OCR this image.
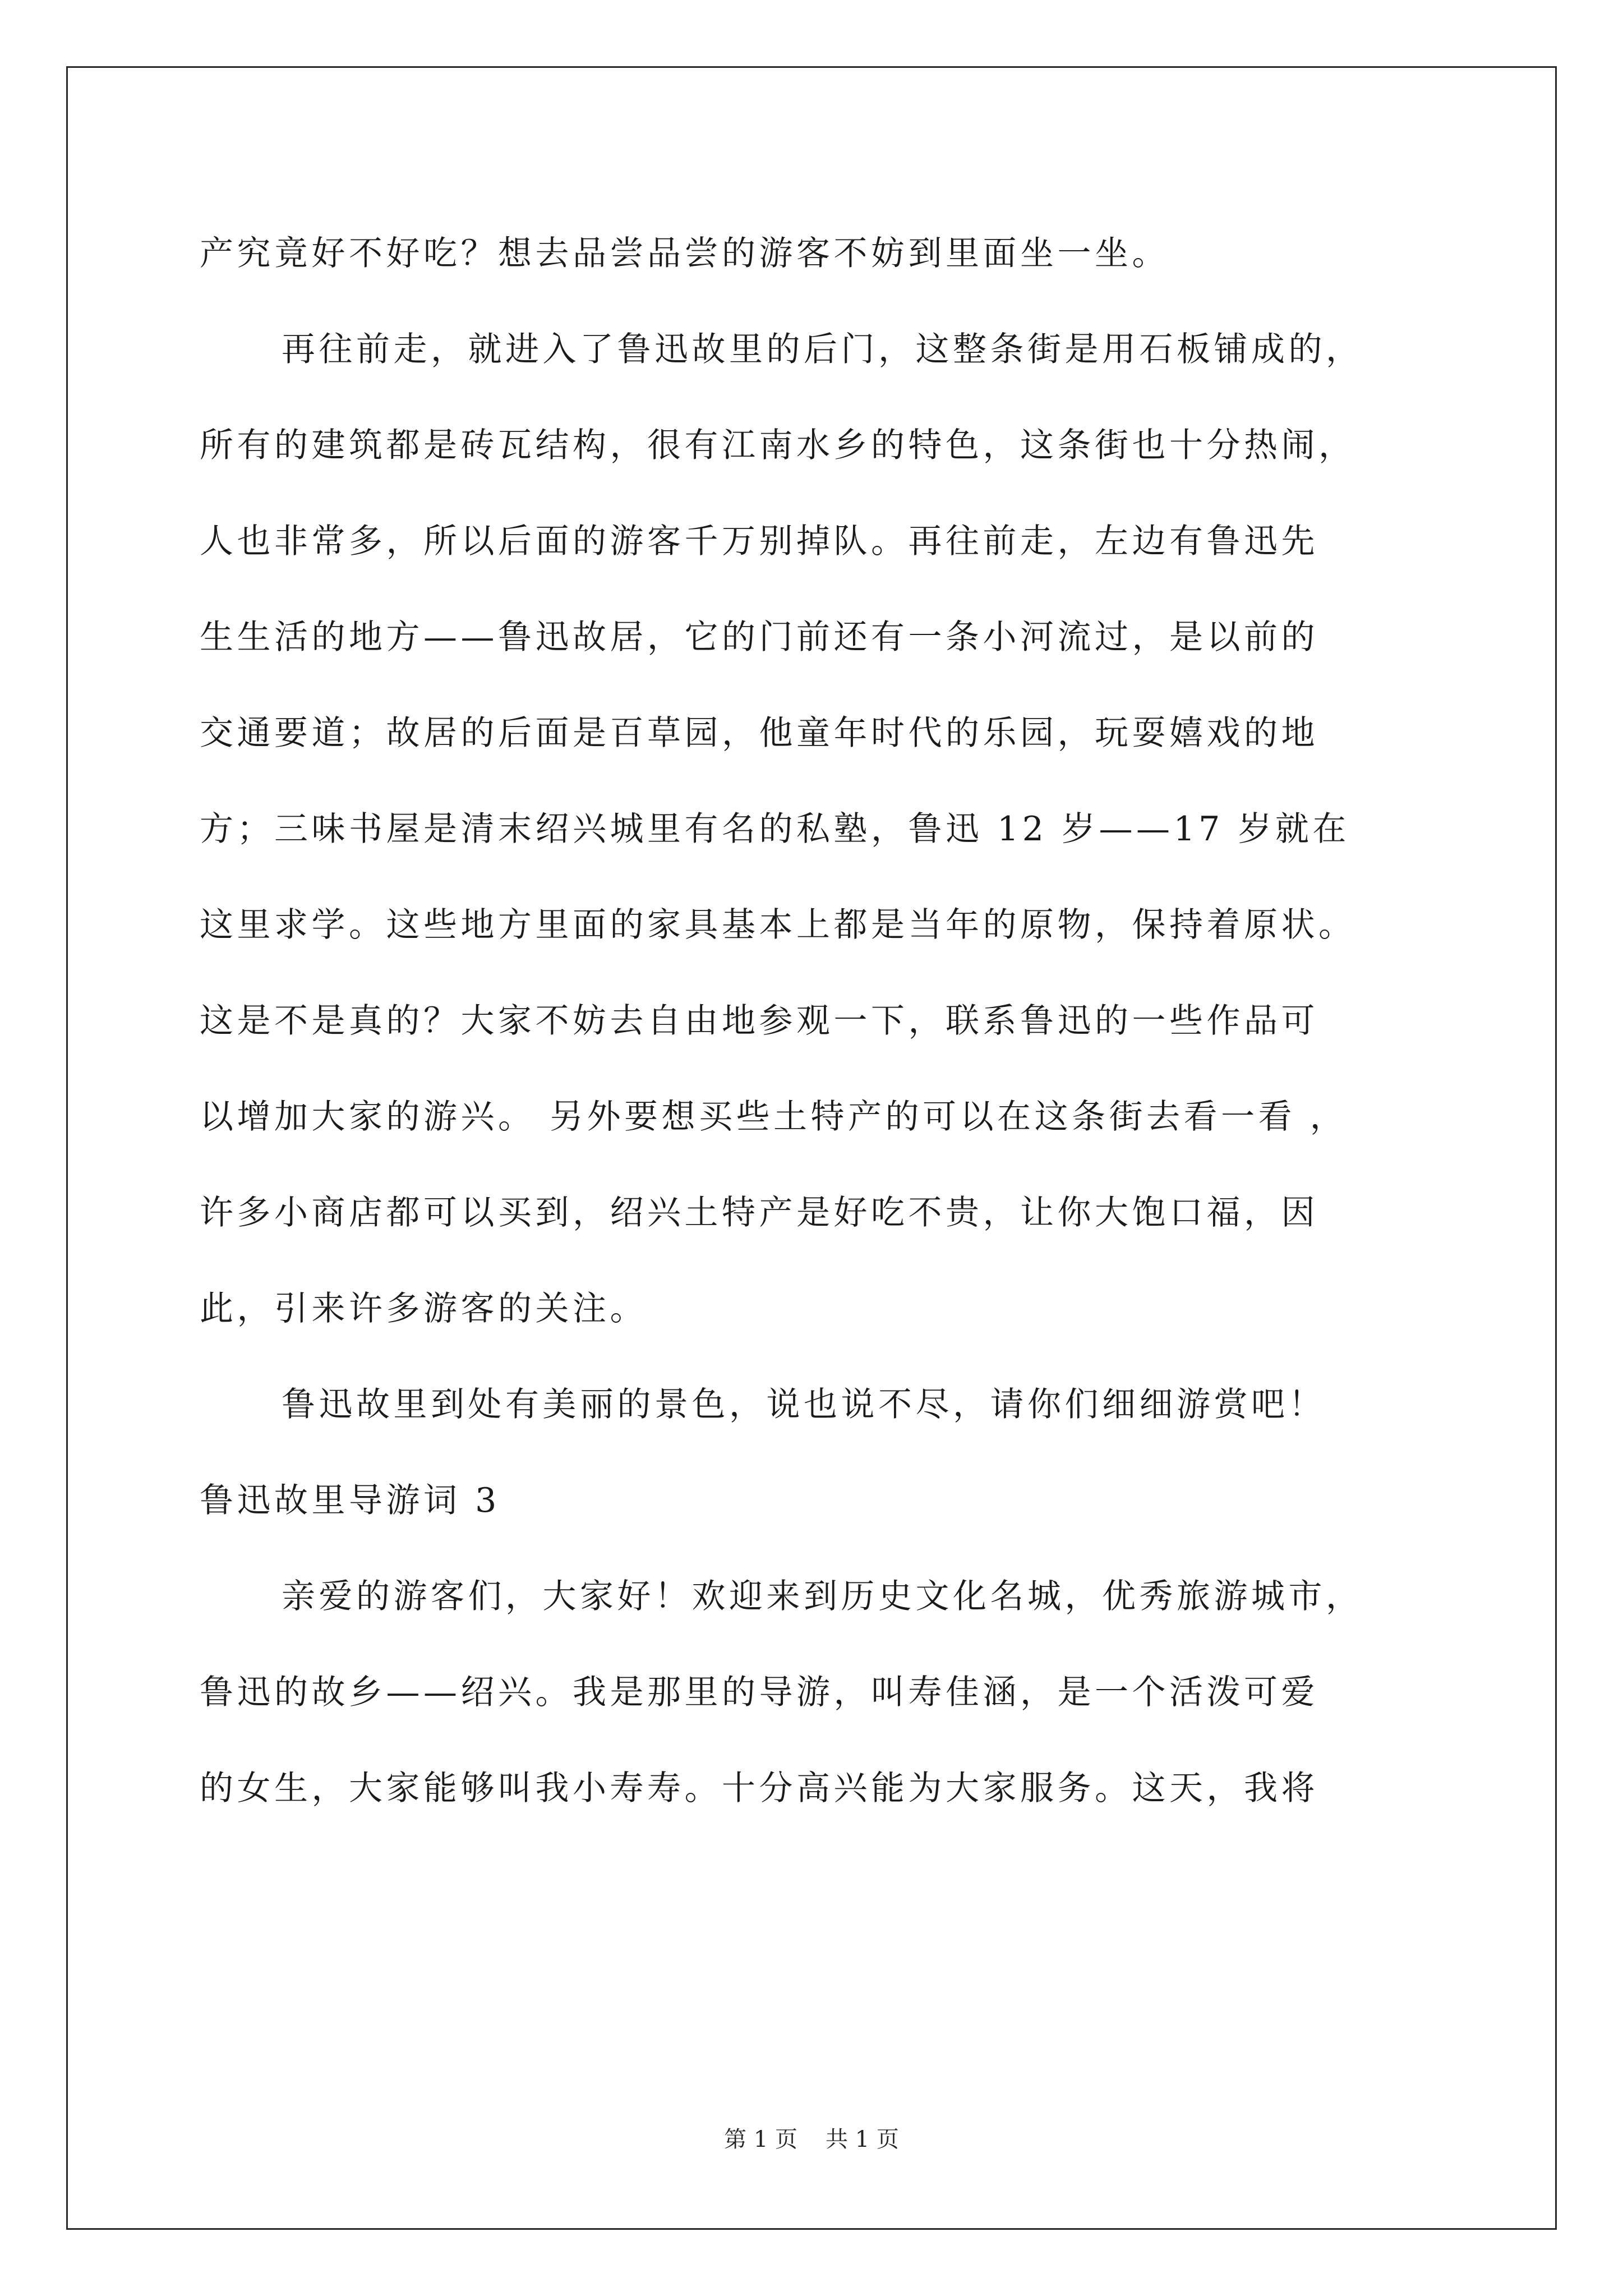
产究竟好不好吃？想去品尝品尝的游客不妨到里面坐一坐。
再往前走，就进入了鲁迅故里的后门，这整条街是用石板铺成的，
所有的建筑都是砖瓦结构，很有江南水乡的特色，这条街也十分热闹，
人也非常多，所以后面的游客千万别掉队。再往前走，左边有鲁迅先
生生活的地方——鲁迅故居，它的门前还有一条小河流过，是以前的
交通要道；故居的后面是百草园，他童年时代的乐园，玩耍嬉戏的地
方；三味书屋是清末绍兴城里有名的私塾，鲁迅 12 岁——17 岁就在
这里求学。这些地方里面的家具基本上都是当年的原物，保持着原状。
这是不是真的？大家不妨去自由地参观一下，联系鲁迅的一些作品可
以增加大家的游兴。 另外要想买些土特产的可以在这条街去看一看 ，
许多小商店都可以买到，绍兴土特产是好吃不贵，让你大饱口福，因
此，引来许多游客的关注。
鲁迅故里到处有美丽的景色，说也说不尽，请你们细细游赏吧！
鲁迅故里导游词 3
亲爱的游客们，大家好！欢迎来到历史文化名城，优秀旅游城市，
鲁迅的故乡——绍兴。我是那里的导游，叫寿佳涵，是一个活泼可爱
的女生，大家能够叫我小寿寿。十分高兴能为大家服务。这天，我将
第 1 页 共 1 页
